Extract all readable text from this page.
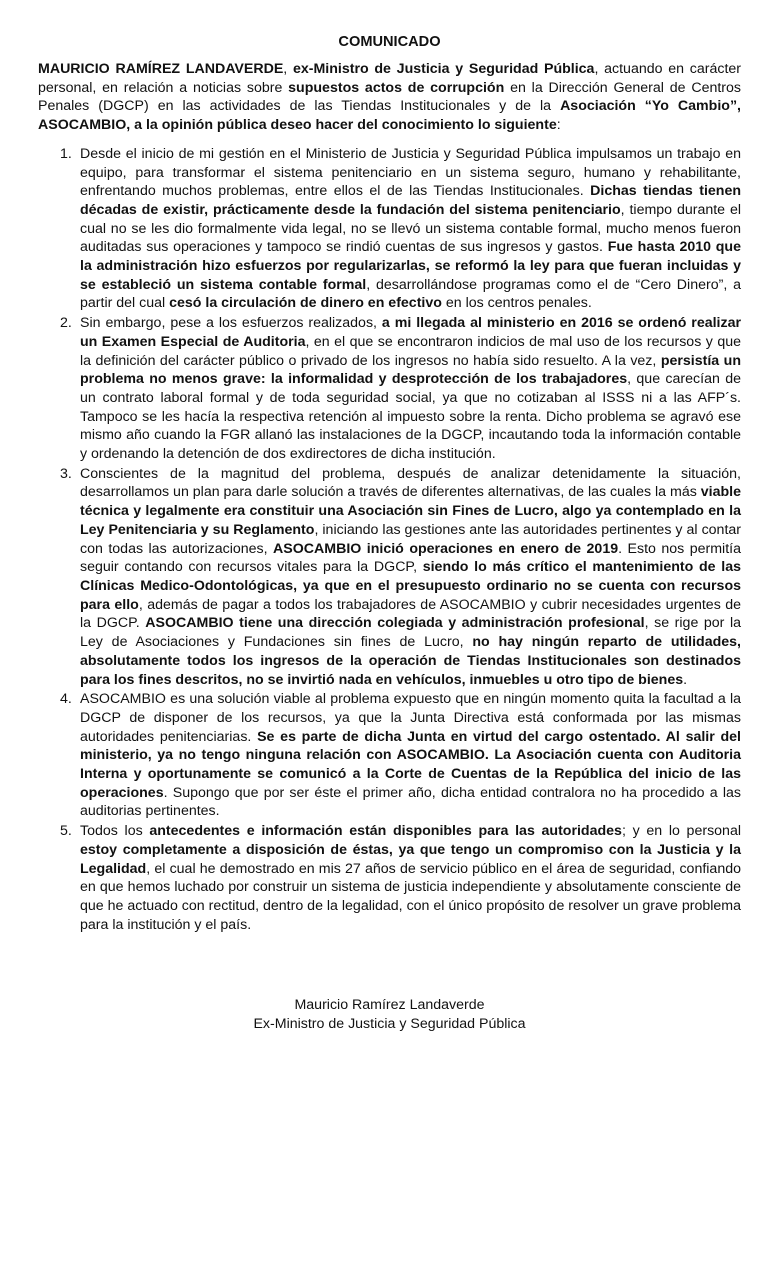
COMUNICADO

MAURICIO RAMÍREZ LANDAVERDE, ex-Ministro de Justicia y Seguridad Pública, actuando en carácter personal, en relación a noticias sobre supuestos actos de corrupción en la Dirección General de Centros Penales (DGCP) en las actividades de las Tiendas Institucionales y de la Asociación “Yo Cambio”, ASOCAMBIO, a la opinión pública deseo hacer del conocimiento lo siguiente:

1. Desde el inicio de mi gestión en el Ministerio de Justicia y Seguridad Pública impulsamos un trabajo en equipo, para transformar el sistema penitenciario en un sistema seguro, humano y rehabilitante, enfrentando muchos problemas, entre ellos el de las Tiendas Institucionales. Dichas tiendas tienen décadas de existir, prácticamente desde la fundación del sistema penitenciario, tiempo durante el cual no se les dio formalmente vida legal, no se llevó un sistema contable formal, mucho menos fueron auditadas sus operaciones y tampoco se rindió cuentas de sus ingresos y gastos. Fue hasta 2010 que la administración hizo esfuerzos por regularizarlas, se reformó la ley para que fueran incluidas y se estableció un sistema contable formal, desarrollándose programas como el de “Cero Dinero”, a partir del cual cesó la circulación de dinero en efectivo en los centros penales.

2. Sin embargo, pese a los esfuerzos realizados, a mi llegada al ministerio en 2016 se ordenó realizar un Examen Especial de Auditoria, en el que se encontraron indicios de mal uso de los recursos y que la definición del carácter público o privado de los ingresos no había sido resuelto. A la vez, persistía un problema no menos grave: la informalidad y desprotección de los trabajadores, que carecían de un contrato laboral formal y de toda seguridad social, ya que no cotizaban al ISSS ni a las AFP´s. Tampoco se les hacía la respectiva retención al impuesto sobre la renta. Dicho problema se agravó ese mismo año cuando la FGR allanó las instalaciones de la DGCP, incautando toda la información contable y ordenando la detención de dos exdirectores de dicha institución.

3. Conscientes de la magnitud del problema, después de analizar detenidamente la situación, desarrollamos un plan para darle solución a través de diferentes alternativas, de las cuales la más viable técnica y legalmente era constituir una Asociación sin Fines de Lucro, algo ya contemplado en la Ley Penitenciaria y su Reglamento, iniciando las gestiones ante las autoridades pertinentes y al contar con todas las autorizaciones, ASOCAMBIO inició operaciones en enero de 2019. Esto nos permitía seguir contando con recursos vitales para la DGCP, siendo lo más crítico el mantenimiento de las Clínicas Medico-Odontológicas, ya que en el presupuesto ordinario no se cuenta con recursos para ello, además de pagar a todos los trabajadores de ASOCAMBIO y cubrir necesidades urgentes de la DGCP. ASOCAMBIO tiene una dirección colegiada y administración profesional, se rige por la Ley de Asociaciones y Fundaciones sin fines de Lucro, no hay ningún reparto de utilidades, absolutamente todos los ingresos de la operación de Tiendas Institucionales son destinados para los fines descritos, no se invirtió nada en vehículos, inmuebles u otro tipo de bienes.

4. ASOCAMBIO es una solución viable al problema expuesto que en ningún momento quita la facultad a la DGCP de disponer de los recursos, ya que la Junta Directiva está conformada por las mismas autoridades penitenciarias. Se es parte de dicha Junta en virtud del cargo ostentado. Al salir del ministerio, ya no tengo ninguna relación con ASOCAMBIO. La Asociación cuenta con Auditoria Interna y oportunamente se comunicó a la Corte de Cuentas de la República del inicio de las operaciones. Supongo que por ser éste el primer año, dicha entidad contralora no ha procedido a las auditorias pertinentes.

5. Todos los antecedentes e información están disponibles para las autoridades; y en lo personal estoy completamente a disposición de éstas, ya que tengo un compromiso con la Justicia y la Legalidad, el cual he demostrado en mis 27 años de servicio público en el área de seguridad, confiando en que hemos luchado por construir un sistema de justicia independiente y absolutamente consciente de que he actuado con rectitud, dentro de la legalidad, con el único propósito de resolver un grave problema para la institución y el país.

Mauricio Ramírez Landaverde
Ex-Ministro de Justicia y Seguridad Pública
